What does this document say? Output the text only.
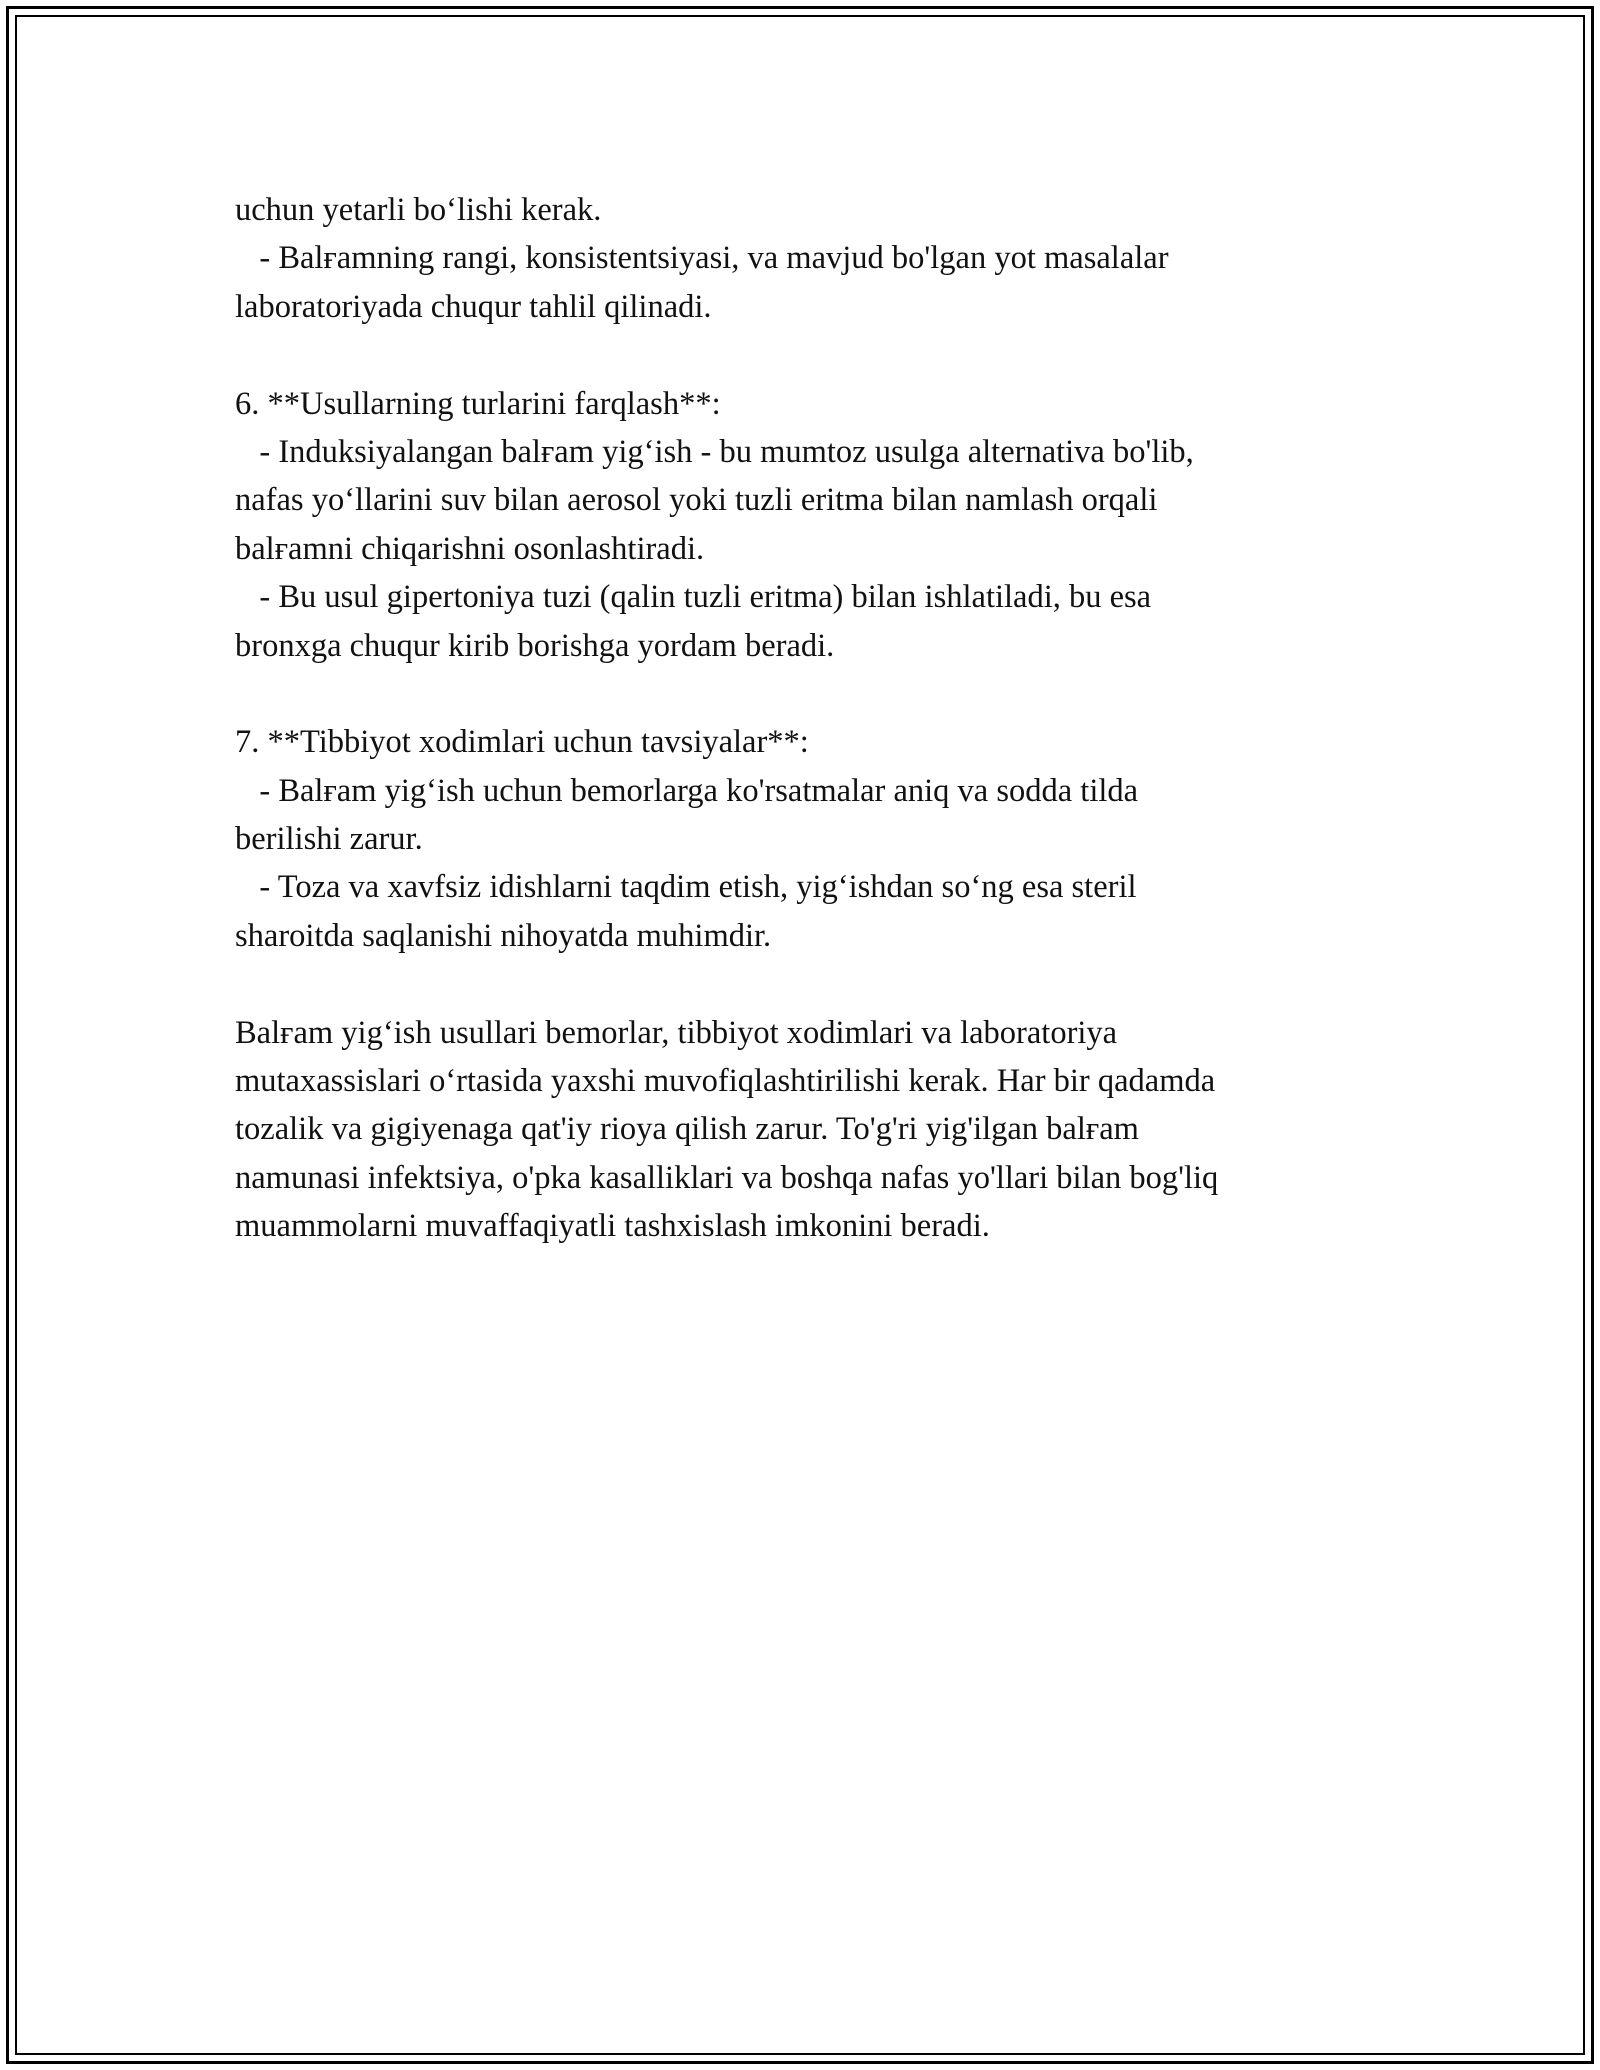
uchun yetarli bo‘lishi kerak.
- Balғamning rangi, konsistentsiyasi, va mavjud bo'lgan yot masalalar
laboratoriyada chuqur tahlil qilinadi.
6. **Usullarning turlarini farqlash**:
- Induksiyalangan balғam yig‘ish - bu mumtoz usulga alternativa bo'lib,
nafas yo‘llarini suv bilan aerosol yoki tuzli eritma bilan namlash orqali
balғamni chiqarishni osonlashtiradi.
- Bu usul gipertoniya tuzi (qalin tuzli eritma) bilan ishlatiladi, bu esa
bronxga chuqur kirib borishga yordam beradi.
7. **Tibbiyot xodimlari uchun tavsiyalar**:
- Balғam yig‘ish uchun bemorlarga ko'rsatmalar aniq va sodda tilda
berilishi zarur.
- Toza va xavfsiz idishlarni taqdim etish, yig‘ishdan so‘ng esa steril
sharoitda saqlanishi nihoyatda muhimdir.
Balғam yig‘ish usullari bemorlar, tibbiyot xodimlari va laboratoriya
mutaxassislari o‘rtasida yaxshi muvofiqlashtirilishi kerak. Har bir qadamda
tozalik va gigiyenaga qat'iy rioya qilish zarur. To'g'ri yig'ilgan balғam
namunasi infektsiya, o'pka kasalliklari va boshqa nafas yo'llari bilan bog'liq
muammolarni muvaffaqiyatli tashxislash imkonini beradi.
